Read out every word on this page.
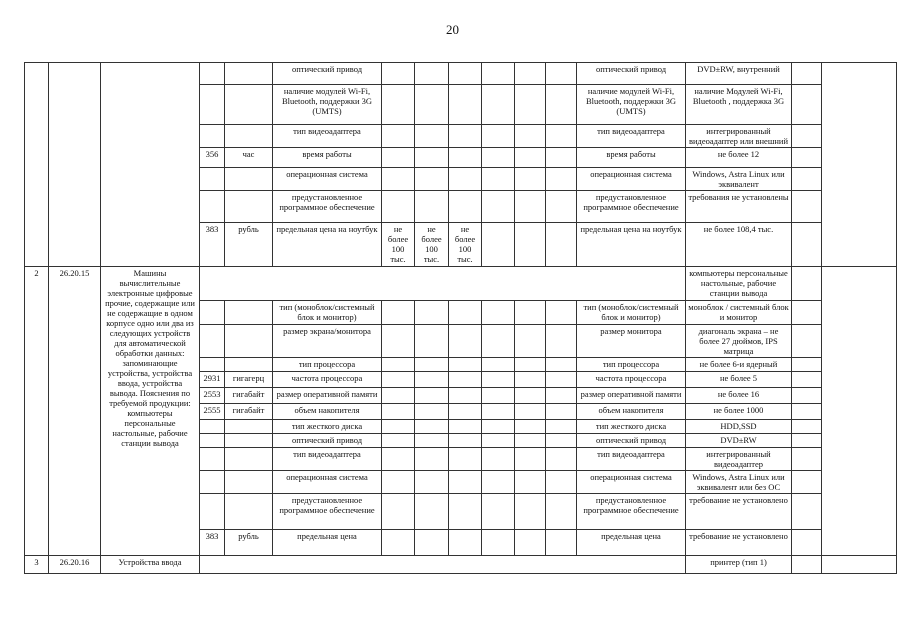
20
					оптический привод							оптический привод	DVD±RW, внутренний		
					наличие модулей Wi-Fi, Bluetooth, поддержки 3G (UMTS)							наличие модулей Wi-Fi, Bluetooth, поддержки 3G (UMTS)	наличие Модулей Wi-Fi, Bluetooth , поддержка 3G		
					тип видеоадаптера							тип видеоадаптера	интегрированный видеоадаптер или внешний		
			356	час	время работы							время работы	не более 12		
					операционная система							операционная система	Windows, Astra Linux или эквивалент		
					предустановленное программное обеспечение							предустановленное программное обеспечение	требования не установлены		
			383	рубль	предельная цена на ноутбук	не более 100 тыс.	не более 100 тыс.	не более 100 тыс.				предельная цена на ноутбук	не более 108,4 тыс.		
2	26.20.15	Машины вычислительные электронные цифровые прочие, содержащие или не содержащие в одном корпусе одно или два из следующих устройств для автоматической обработки данных: запоминающие устройства, устройства ввода, устройства вывода. Пояснения по требуемой продукции: компьютеры персональные настольные, рабочие станции вывода											компьютеры персональные настольные, рабочие станции вывода		
					тип (моноблок/системный блок и монитор)							тип (моноблок/системный блок и монитор)	моноблок / системный блок и монитор		
					размер экрана/монитора							размер монитора	диагональ экрана – не более 27 дюймов, IPS матрица		
					тип процессора							тип процессора	не более 6-и ядерный		
			2931	гигагерц	частота процессора							частота процессора	не более 5		
			2553	гигабайт	размер оперативной памяти							размер оперативной памяти	не более 16		
			2555	гигабайт	объем накопителя							объем накопителя	не более 1000		
					тип жесткого диска							тип жесткого диска	HDD,SSD		
					оптический привод							оптический привод	DVD±RW		
					тип видеоадаптера							тип видеоадаптера	интегрированный видеоадаптер		
					операционная система							операционная система	Windows, Astra Linux или эквивалент или без ОС		
					предустановленное программное обеспечение							предустановленное программное обеспечение	требование не установлено		
			383	рубль	предельная цена							предельная цена	требование не установлено		
3	26.20.16	Устройства ввода											принтер (тип 1)		
